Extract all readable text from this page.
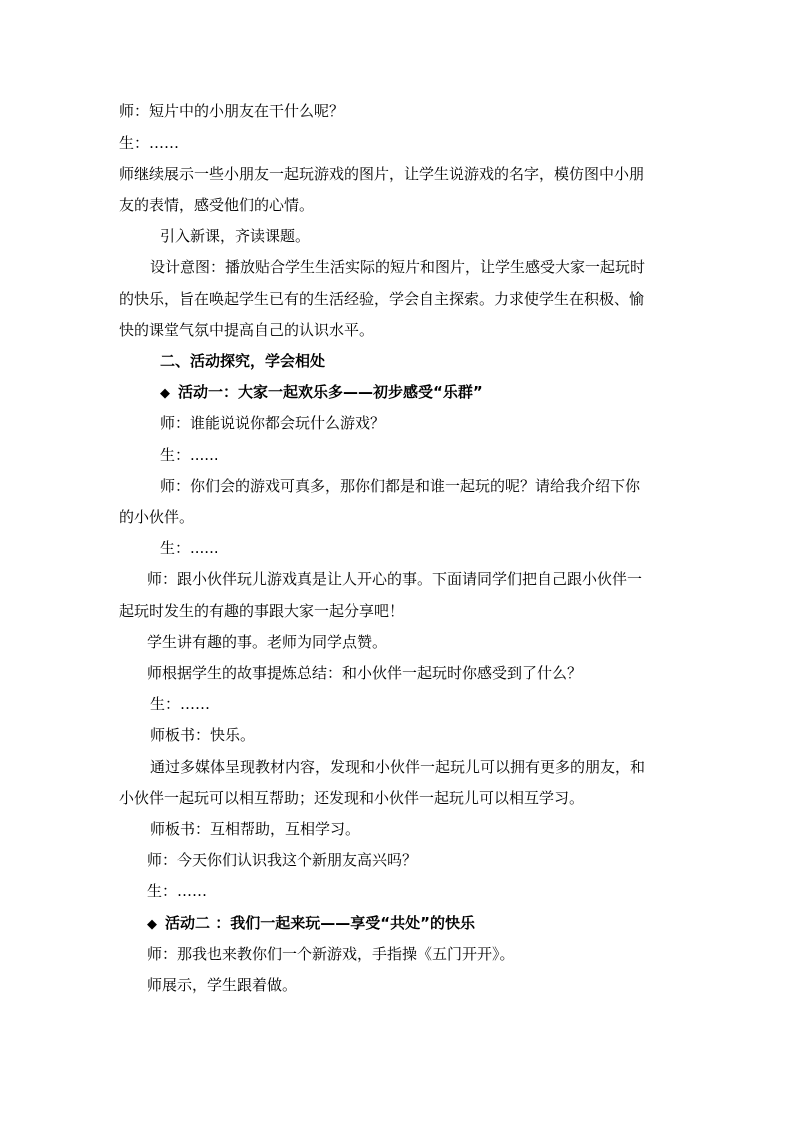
师：短片中的小朋友在干什么呢？
生：……
师继续展示一些小朋友一起玩游戏的图片，让学生说游戏的名字，模仿图中小朋
友的表情，感受他们的心情。
引入新课，齐读课题。
设计意图：播放贴合学生生活实际的短片和图片，让学生感受大家一起玩时
的快乐，旨在唤起学生已有的生活经验，学会自主探索。力求使学生在积极、愉
快的课堂气氛中提高自己的认识水平。
二、活动探究，学会相处
◆ 活动一：大家一起欢乐多——初步感受“乐群”
师：谁能说说你都会玩什么游戏？
生：......
师：你们会的游戏可真多，那你们都是和谁一起玩的呢？请给我介绍下你
的小伙伴。
生：......
师：跟小伙伴玩儿游戏真是让人开心的事。下面请同学们把自己跟小伙伴一
起玩时发生的有趣的事跟大家一起分享吧！
学生讲有趣的事。老师为同学点赞。
师根据学生的故事提炼总结：和小伙伴一起玩时你感受到了什么？
生：……
师板书：快乐。
通过多媒体呈现教材内容，发现和小伙伴一起玩儿可以拥有更多的朋友，和
小伙伴一起玩可以相互帮助；还发现和小伙伴一起玩儿可以相互学习。
师板书：互相帮助，互相学习。
师：今天你们认识我这个新朋友高兴吗？
生：……
◆ 活动二 ：我们一起来玩——享受“共处”的快乐
师：那我也来教你们一个新游戏，手指操《五门开开》。
师展示，学生跟着做。
